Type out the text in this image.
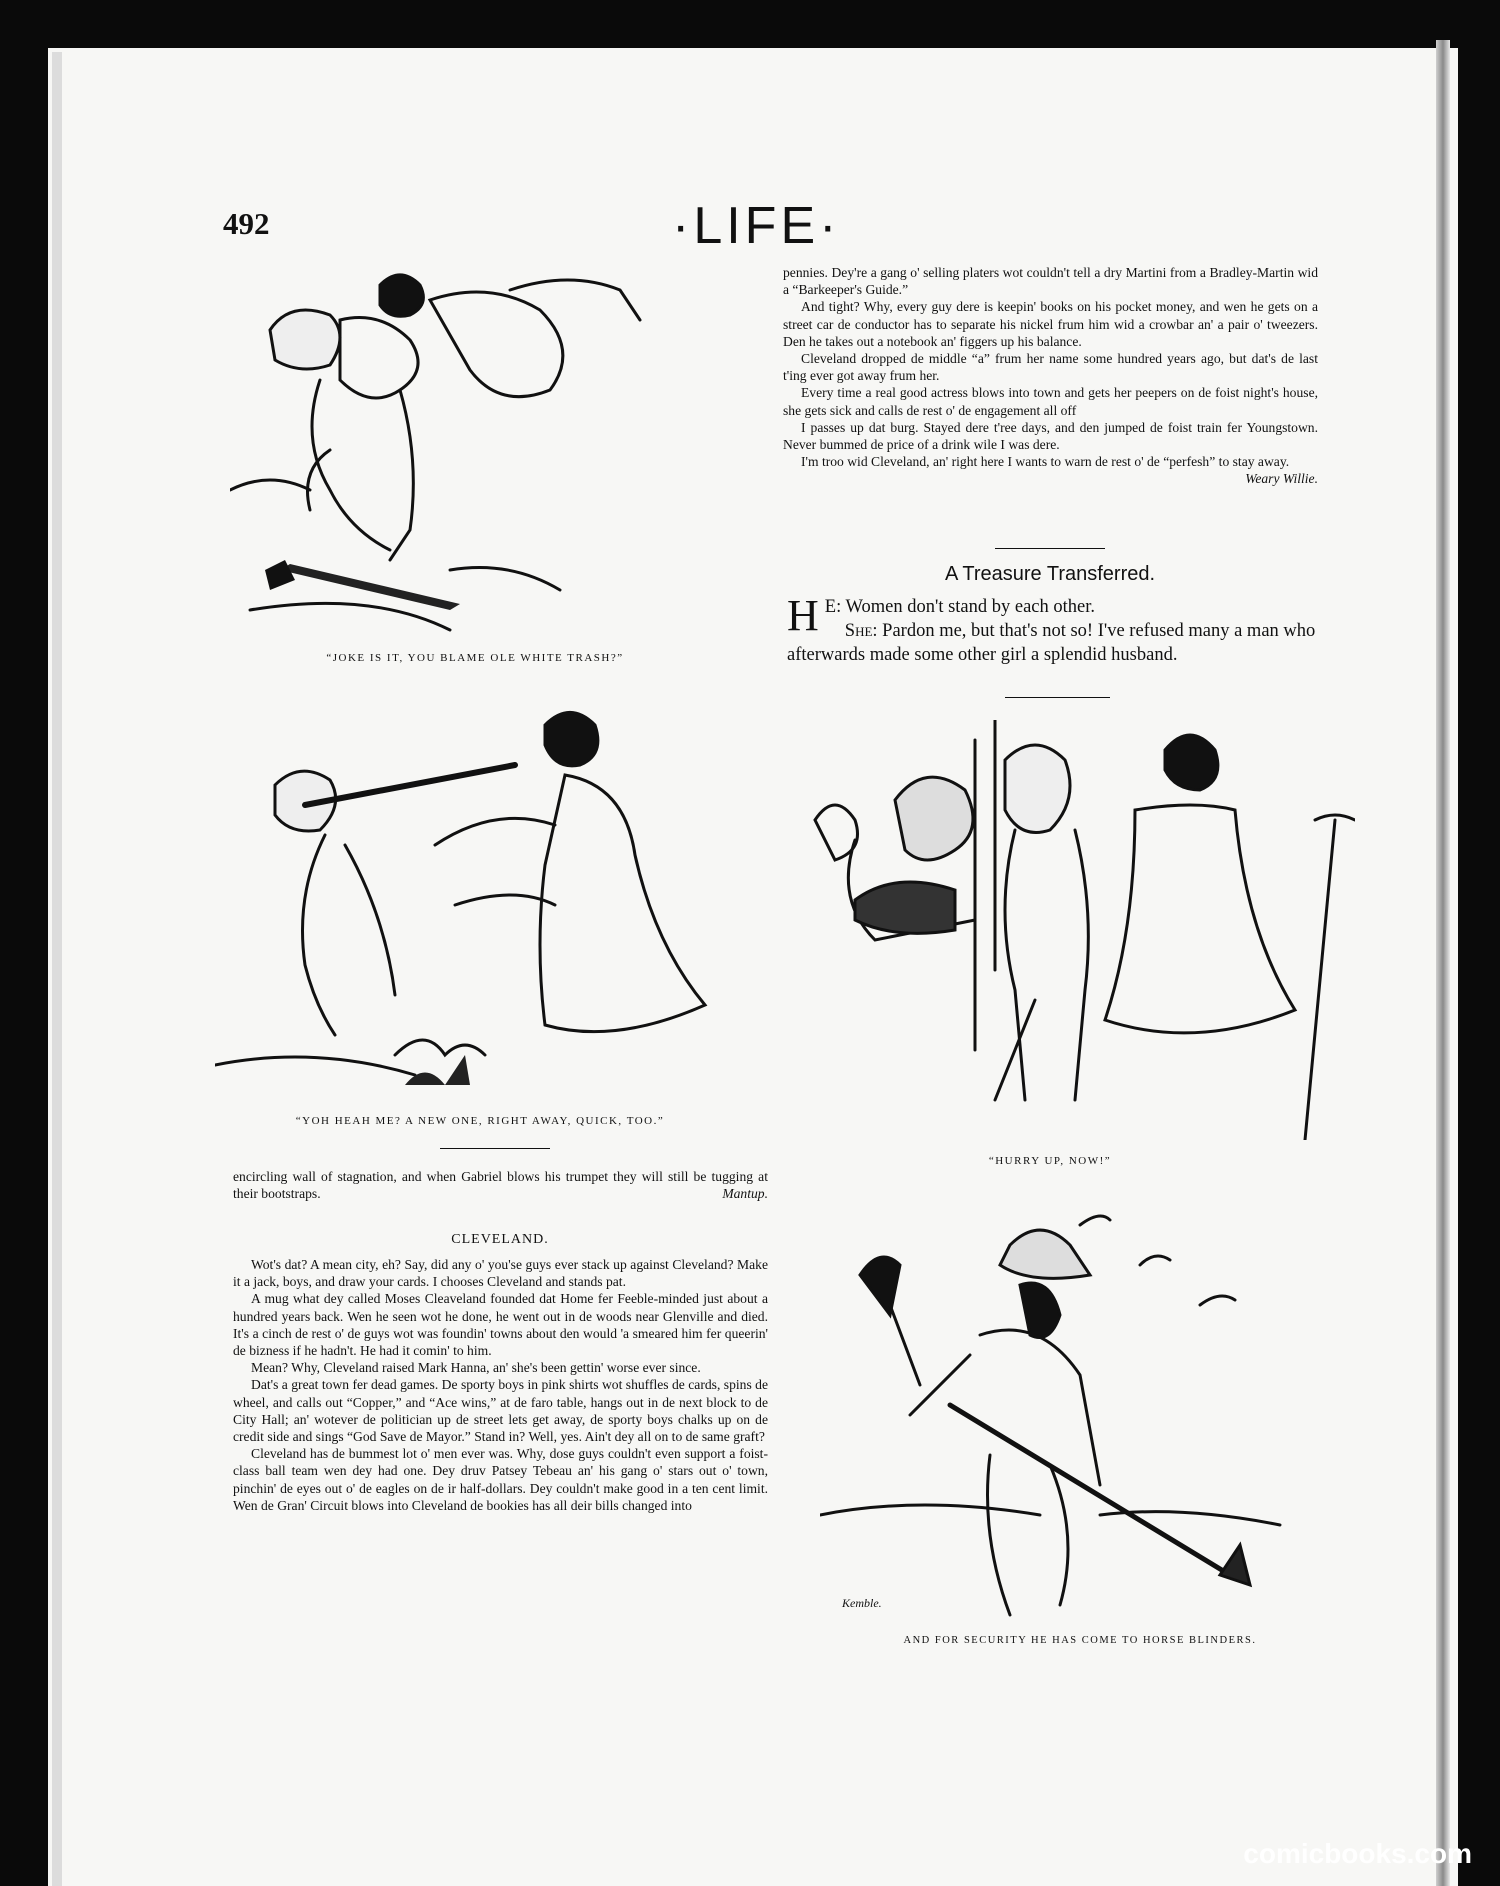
492	·LIFE·
“JOKE IS IT, YOU BLAME OLE WHITE TRASH?”
“YOH HEAH ME? A NEW ONE, RIGHT AWAY, QUICK, TOO.”

encircling wall of stagnation, and when Gabriel blows his trumpet they will still be tugging at their bootstraps.	Mantup.

CLEVELAND.

Wot's dat? A mean city, eh? Say, did any o' you'se guys ever stack up against Cleveland? Make it a jack, boys, and draw your cards. I chooses Cleveland and stands pat.

A mug what dey called Moses Cleaveland founded dat Home fer Feeble-minded just about a hundred years back. Wen he seen wot he done, he went out in de woods near Glenville and died. It's a cinch de rest o' de guys wot was foundin' towns about den would 'a smeared him fer queerin' de bizness if he hadn't. He had it comin' to him.

Mean? Why, Cleveland raised Mark Hanna, an' she's been gettin' worse ever since.

Dat's a great town fer dead games. De sporty boys in pink shirts wot shuffles de cards, spins de wheel, and calls out “Copper,” and “Ace wins,” at de faro table, hangs out in de next block to de City Hall; an' wotever de politician up de street lets get away, de sporty boys chalks up on de credit side and sings “God Save de Mayor.” Stand in? Well, yes. Ain't dey all on to de same graft?

Cleveland has de bummest lot o' men ever was. Why, dose guys couldn't even support a foist-class ball team wen dey had one. Dey druv Patsey Tebeau an' his gang o' stars out o' town, pinchin' de eyes out o' de eagles on de ir half-dollars. Dey couldn't make good in a ten cent limit. Wen de Gran' Circuit blows into Cleveland de bookies has all deir bills changed into

pennies. Dey're a gang o' selling platers wot couldn't tell a dry Martini from a Bradley-Martin wid a “Barkeeper's Guide.”

And tight? Why, every guy dere is keepin' books on his pocket money, and wen he gets on a street car de conductor has to separate his nickel frum him wid a crowbar an' a pair o' tweezers. Den he takes out a notebook an' figgers up his balance.

Cleveland dropped de middle “a” frum her name some hundred years ago, but dat's de last t'ing ever got away frum her.

Every time a real good actress blows into town and gets her peepers on de foist night's house, she gets sick and calls de rest o' de engagement all off

I passes up dat burg. Stayed dere t'ree days, and den jumped de foist train fer Youngstown. Never bummed de price of a drink wile I was dere.

I'm troo wid Cleveland, an' right here I wants to warn de rest o' de “perfesh” to stay away.
Weary Willie.

A Treasure Transferred.
H E: Women don't stand by each other.
She: Pardon me, but that's not so! I've refused many a man who afterwards made some other girl a splendid husband.
“HURRY UP, NOW!”
Kemble.
AND FOR SECURITY HE HAS COME TO HORSE BLINDERS.
comicbooks.com
